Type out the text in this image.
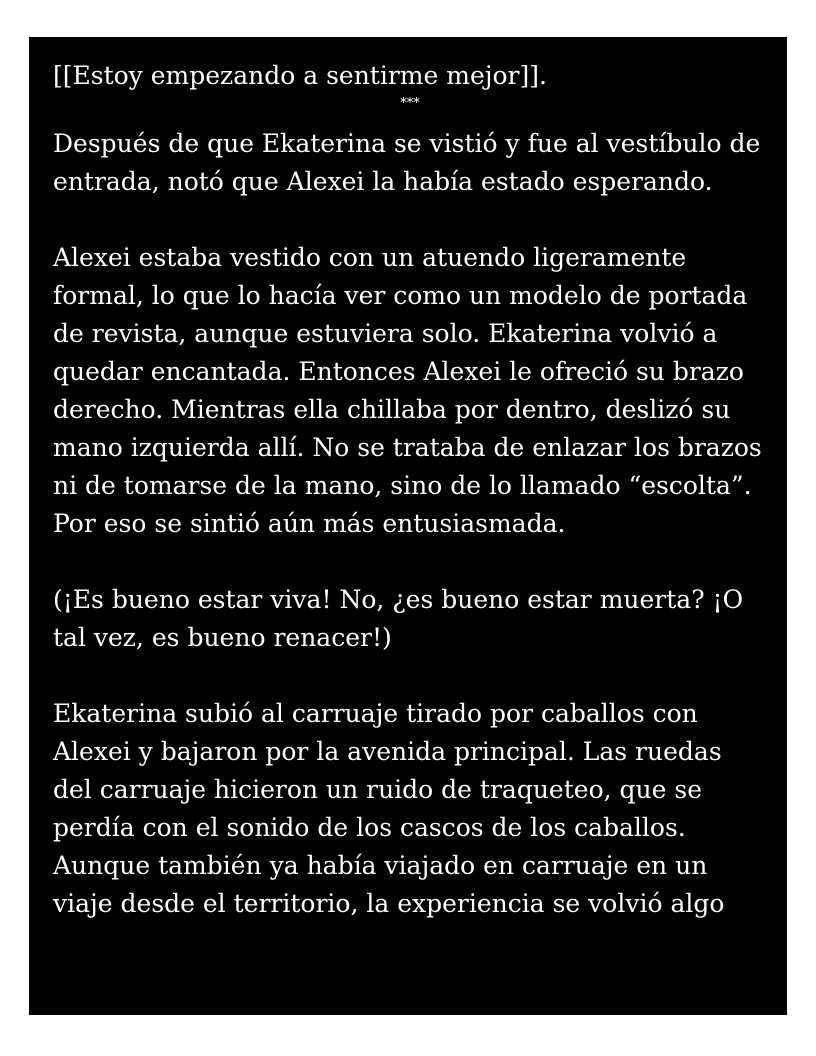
[[Estoy empezando a sentirme mejor]].

***

Después de que Ekaterina se vistió y fue al vestíbulo de entrada, notó que Alexei la había estado esperando.

Alexei estaba vestido con un atuendo ligeramente formal, lo que lo hacía ver como un modelo de portada de revista, aunque estuviera solo. Ekaterina volvió a quedar encantada. Entonces Alexei le ofreció su brazo derecho. Mientras ella chillaba por dentro, deslizó su mano izquierda allí. No se trataba de enlazar los brazos ni de tomarse de la mano, sino de lo llamado “escolta”. Por eso se sintió aún más entusiasmada.

(¡Es bueno estar viva! No, ¿es bueno estar muerta? ¡O tal vez, es bueno renacer!)

Ekaterina subió al carruaje tirado por caballos con Alexei y bajaron por la avenida principal. Las ruedas del carruaje hicieron un ruido de traqueteo, que se perdía con el sonido de los cascos de los caballos. Aunque también ya había viajado en carruaje en un viaje desde el territorio, la experiencia se volvió algo
